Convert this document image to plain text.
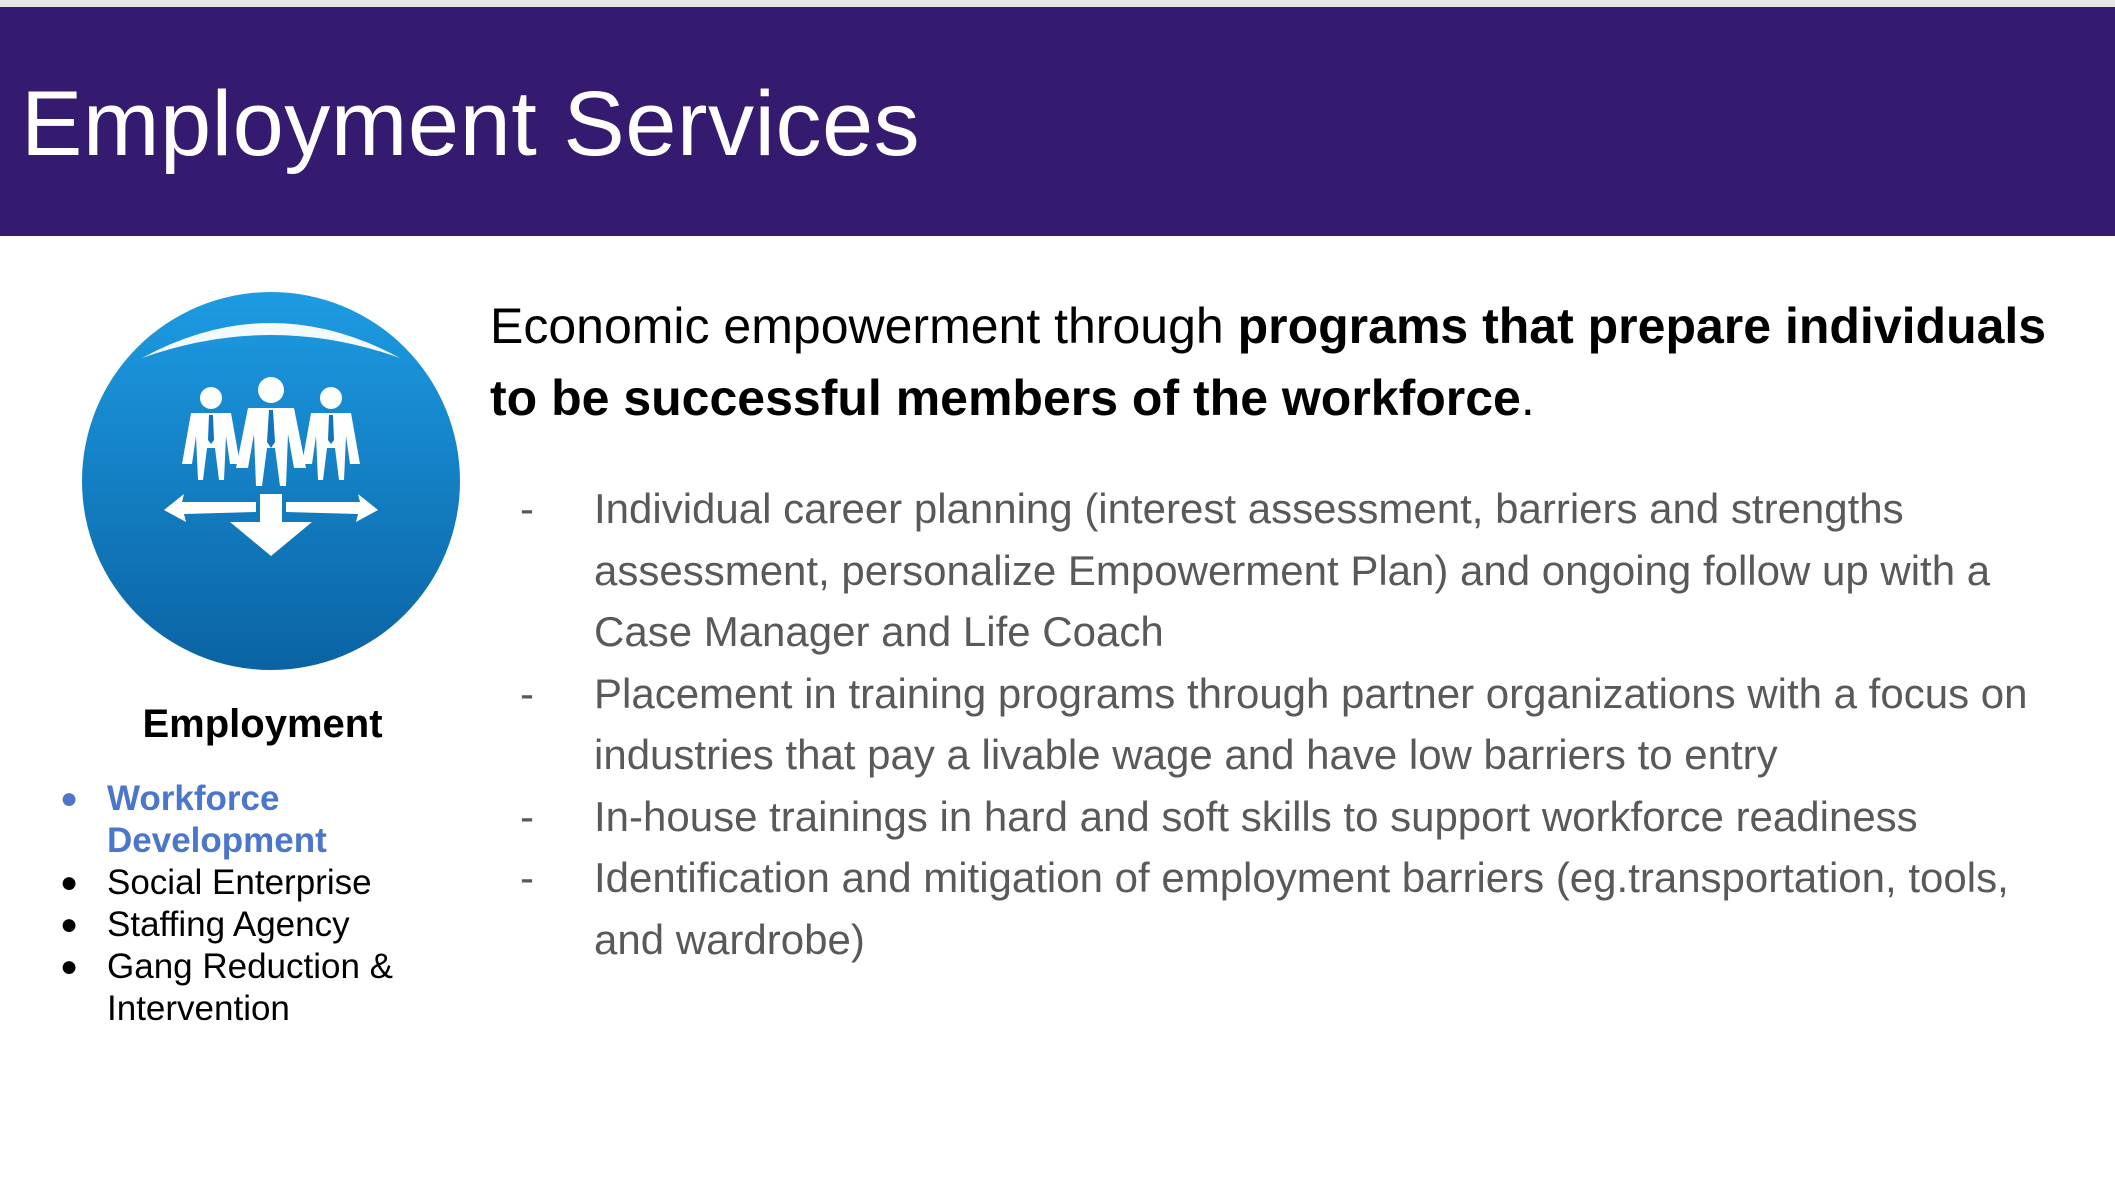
Employment Services
Employment
● Workforce Development
● Social Enterprise
● Staffing Agency
● Gang Reduction & Intervention
Economic empowerment through programs that prepare individuals to be successful members of the workforce.
- Individual career planning (interest assessment, barriers and strengths assessment, personalize Empowerment Plan) and ongoing follow up with a Case Manager and Life Coach
- Placement in training programs through partner organizations with a focus on industries that pay a livable wage and have low barriers to entry
- In-house trainings in hard and soft skills to support workforce readiness
- Identification and mitigation of employment barriers (eg.transportation, tools, and wardrobe)
